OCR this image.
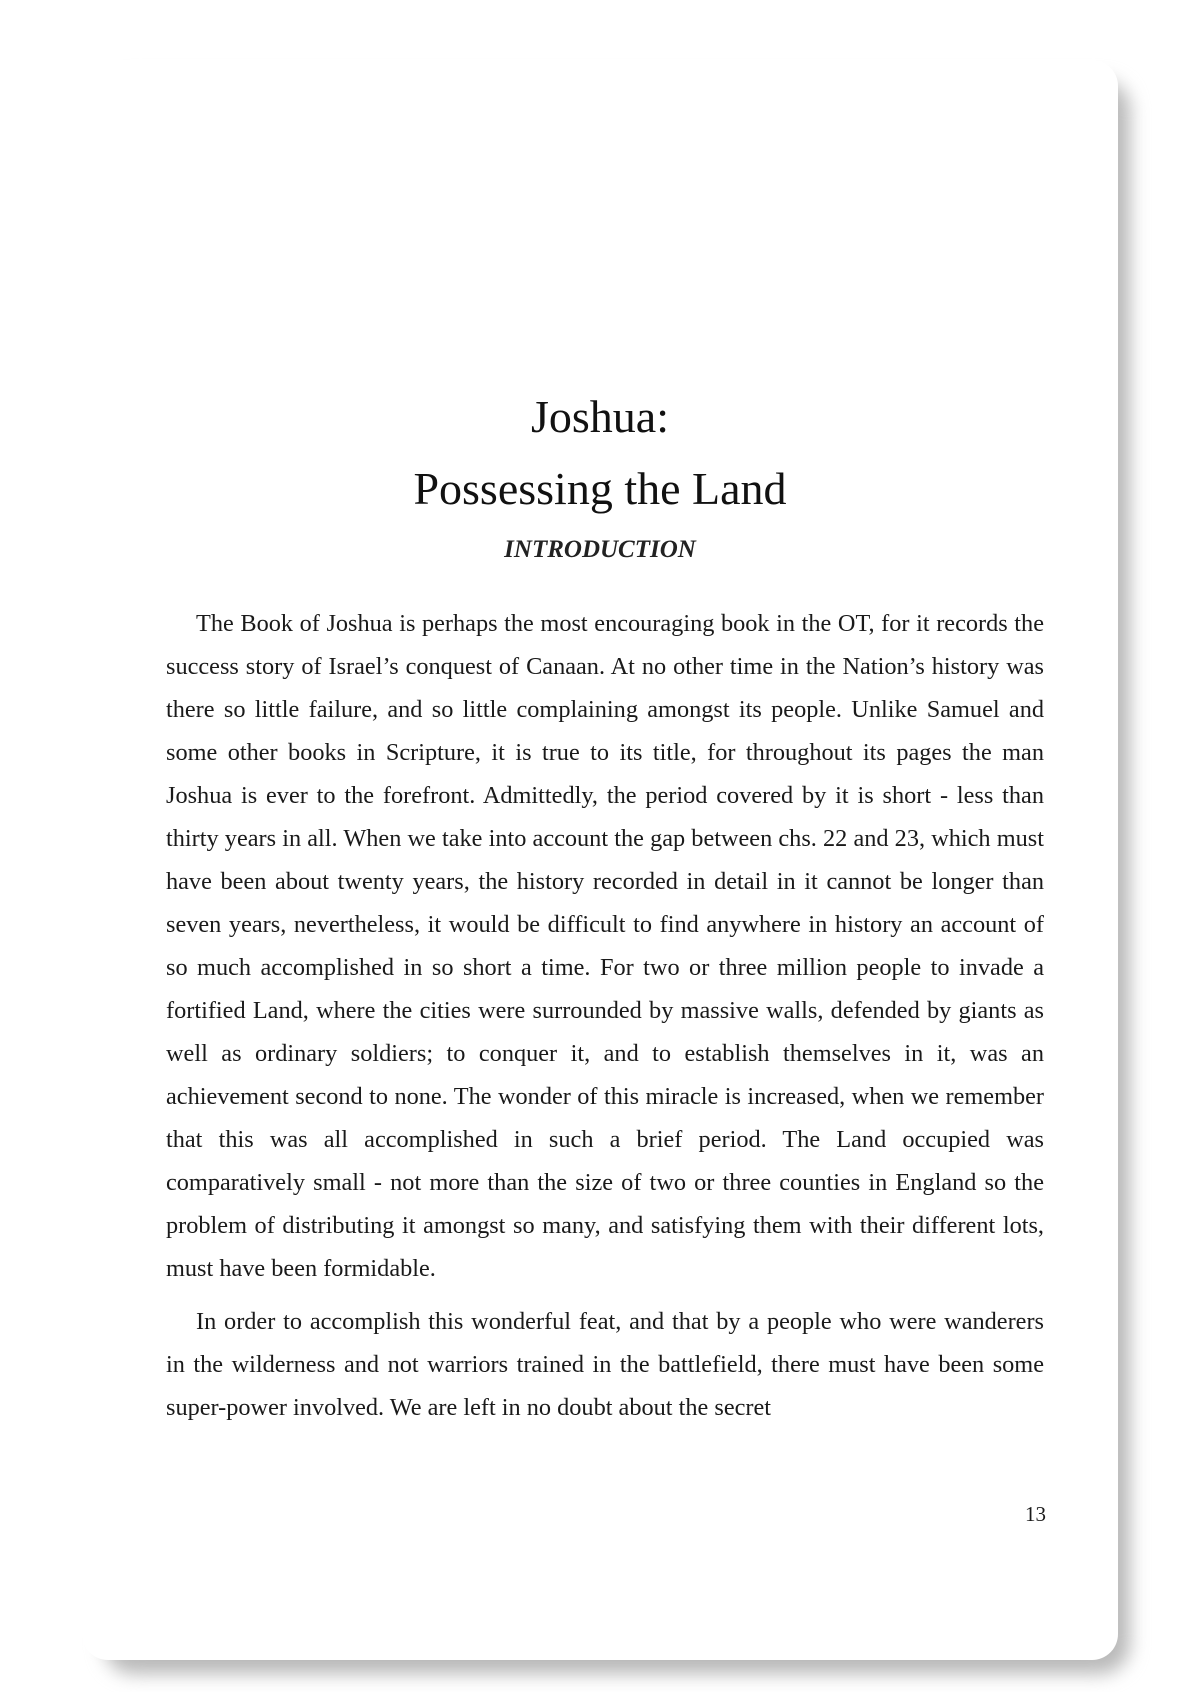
Joshua:
Possessing the Land
INTRODUCTION

The Book of Joshua is perhaps the most encouraging book in the OT, for it records the success story of Israel’s conquest of Canaan. At no other time in the Nation’s history was there so little failure, and so little complaining amongst its people. Unlike Samuel and some other books in Scripture, it is true to its title, for throughout its pages the man Joshua is ever to the forefront. Admittedly, the period covered by it is short - less than thirty years in all. When we take into account the gap between chs. 22 and 23, which must have been about twenty years, the history recorded in detail in it cannot be longer than seven years, nevertheless, it would be difficult to find anywhere in history an account of so much accomplished in so short a time. For two or three million people to invade a fortified Land, where the cities were surrounded by massive walls, defended by giants as well as ordinary soldiers; to conquer it, and to establish themselves in it, was an achievement second to none. The wonder of this miracle is increased, when we remember that this was all accomplished in such a brief period. The Land occupied was comparatively small - not more than the size of two or three counties in England so the problem of distributing it amongst so many, and satisfying them with their different lots, must have been formidable.

In order to accomplish this wonderful feat, and that by a people who were wanderers in the wilderness and not warriors trained in the battlefield, there must have been some super-power involved. We are left in no doubt about the secret

13
